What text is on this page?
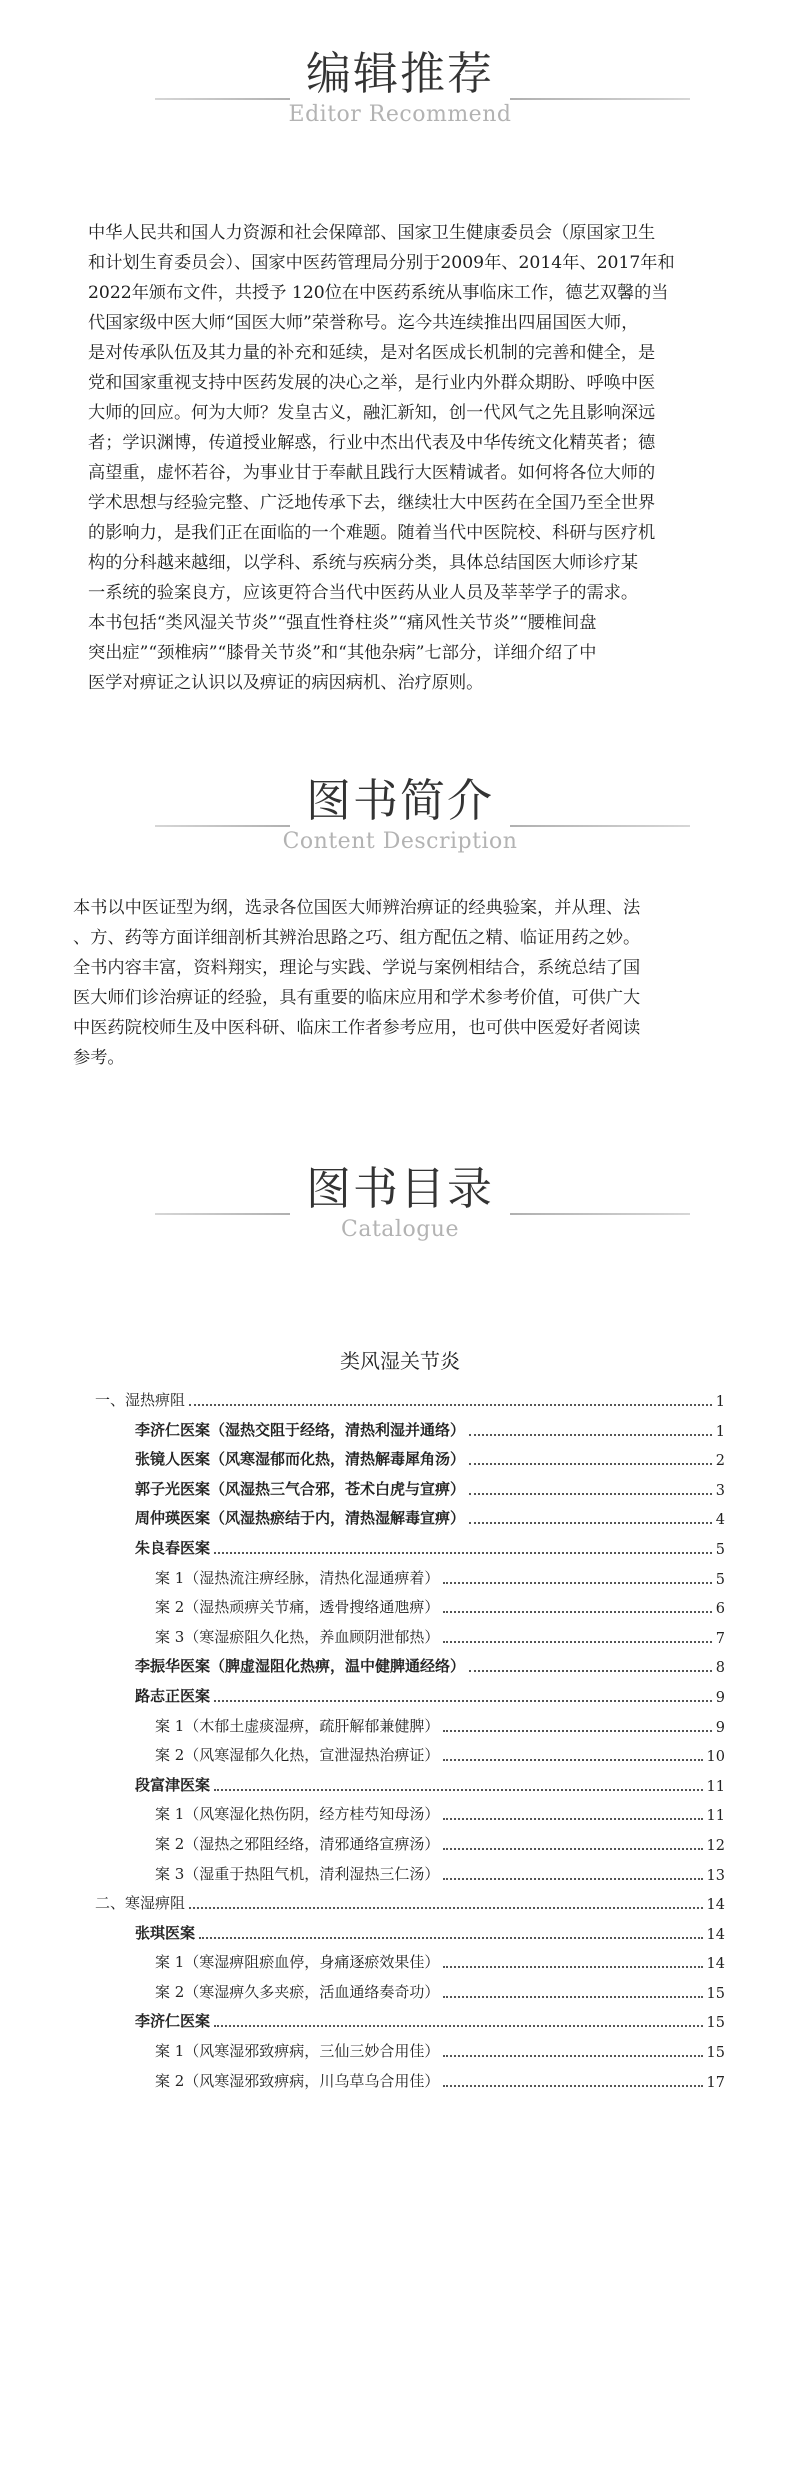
编辑推荐
Editor Recommend
中华人民共和国人力资源和社会保障部、国家卫生健康委员会（原国家卫生
和计划生育委员会）、国家中医药管理局分别于2009年、2014年、2017年和
2022年颁布文件，共授予 120位在中医药系统从事临床工作，德艺双馨的当
代国家级中医大师“国医大师”荣誉称号。迄今共连续推出四届国医大师，
是对传承队伍及其力量的补充和延续，是对名医成长机制的完善和健全，是
党和国家重视支持中医药发展的决心之举，是行业内外群众期盼、呼唤中医
大师的回应。何为大师？发皇古义，融汇新知，创一代风气之先且影响深远
者；学识渊博，传道授业解惑，行业中杰出代表及中华传统文化精英者；德
高望重，虚怀若谷，为事业甘于奉献且践行大医精诚者。如何将各位大师的
学术思想与经验完整、广泛地传承下去，继续壮大中医药在全国乃至全世界
的影响力，是我们正在面临的一个难题。随着当代中医院校、科研与医疗机
构的分科越来越细，以学科、系统与疾病分类，具体总结国医大师诊疗某
一系统的验案良方，应该更符合当代中医药从业人员及莘莘学子的需求。
本书包括“类风湿关节炎”“强直性脊柱炎”“痛风性关节炎”“腰椎间盘
突出症”“颈椎病”“膝骨关节炎”和“其他杂病”七部分，详细介绍了中
医学对痹证之认识以及痹证的病因病机、治疗原则。
图书简介
Content Description
本书以中医证型为纲，选录各位国医大师辨治痹证的经典验案，并从理、法
、方、药等方面详细剖析其辨治思路之巧、组方配伍之精、临证用药之妙。
全书内容丰富，资料翔实，理论与实践、学说与案例相结合，系统总结了国
医大师们诊治痹证的经验，具有重要的临床应用和学术参考价值，可供广大
中医药院校师生及中医科研、临床工作者参考应用，也可供中医爱好者阅读
参考。
图书目录
Catalogue
类风湿关节炎
一、湿热痹阻	1
李济仁医案（湿热交阻于经络，清热利湿并通络）	1
张镜人医案（风寒湿郁而化热，清热解毒犀角汤）	2
郭子光医案（风湿热三气合邪，苍术白虎与宣痹）	3
周仲瑛医案（风湿热瘀结于内，清热湿解毒宣痹）	4
朱良春医案	5
案 1（湿热流注痹经脉，清热化湿通痹着）	5
案 2（湿热顽痹关节痛，透骨搜络通虺痹）	6
案 3（寒湿瘀阻久化热，养血顾阴泄郁热）	7
李振华医案（脾虚湿阻化热痹，温中健脾通经络）	8
路志正医案	9
案 1（木郁土虚痰湿痹，疏肝解郁兼健脾）	9
案 2（风寒湿郁久化热，宣泄湿热治痹证）	10
段富津医案	11
案 1（风寒湿化热伤阴，经方桂芍知母汤）	11
案 2（湿热之邪阻经络，清邪通络宣痹汤）	12
案 3（湿重于热阻气机，清利湿热三仁汤）	13
二、寒湿痹阻	14
张琪医案	14
案 1（寒湿痹阻瘀血停，身痛逐瘀效果佳）	14
案 2（寒湿痹久多夹瘀，活血通络奏奇功）	15
李济仁医案	15
案 1（风寒湿邪致痹病，三仙三妙合用佳）	15
案 2（风寒湿邪致痹病，川乌草乌合用佳）	17
